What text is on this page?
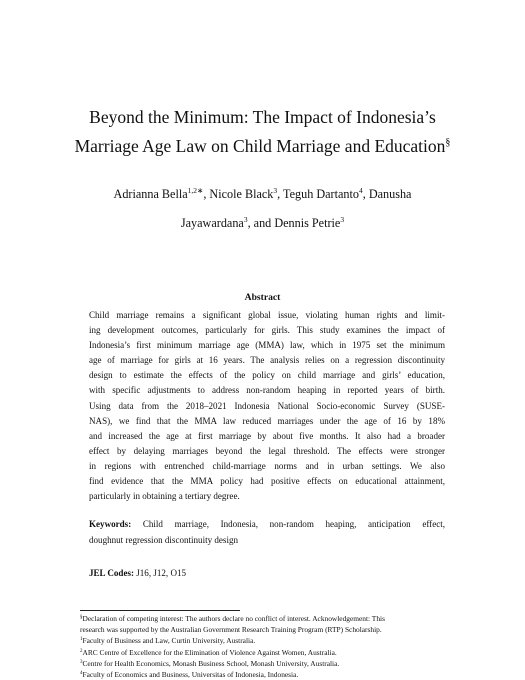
Beyond the Minimum: The Impact of Indonesia’s
Marriage Age Law on Child Marriage and Education§
Adrianna Bella$^{1,2∗}$, Nicole Black$^3$, Teguh Dartanto$^4$, Danusha
Jayawardana$^3$, and Dennis Petrie$^3$
Abstract
Child marriage remains a significant global issue, violating human rights and limit-
ing development outcomes, particularly for girls. This study examines the impact of
Indonesia’s first minimum marriage age (MMA) law, which in 1975 set the minimum
age of marriage for girls at 16 years. The analysis relies on a regression discontinuity
design to estimate the effects of the policy on child marriage and girls’ education,
with specific adjustments to address non-random heaping in reported years of birth.
Using data from the 2018–2021 Indonesia National Socio-economic Survey (SUSE-
NAS), we find that the MMA law reduced marriages under the age of 16 by 18%
and increased the age at first marriage by about five months. It also had a broader
effect by delaying marriages beyond the legal threshold. The effects were stronger
in regions with entrenched child-marriage norms and in urban settings. We also
find evidence that the MMA policy had positive effects on educational attainment,
particularly in obtaining a tertiary degree.
Keywords: Child marriage, Indonesia, non-random heaping, anticipation effect,
doughnut regression discontinuity design
JEL Codes: J16, J12, O15
§Declaration of competing interest: The authors declare no conflict of interest. Acknowledgement: This
research was supported by the Australian Government Research Training Program (RTP) Scholarship.
$^1$Faculty of Business and Law, Curtin University, Australia.
$^2$ARC Centre of Excellence for the Elimination of Violence Against Women, Australia.
$^3$Centre for Health Economics, Monash Business School, Monash University, Australia.
$^4$Faculty of Economics and Business, Universitas of Indonesia, Indonesia.
